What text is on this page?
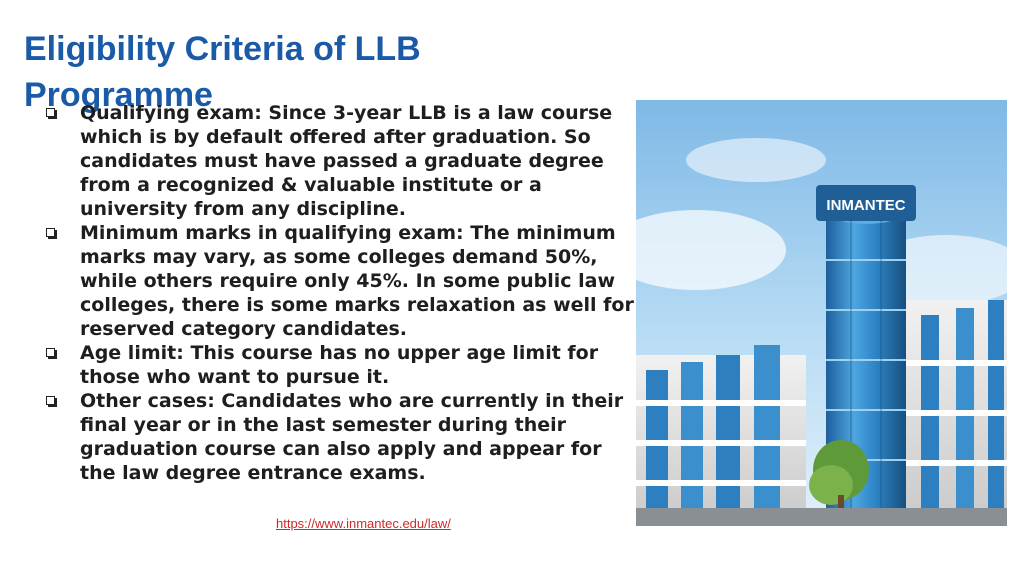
Eligibility Criteria of LLB Programme
Qualifying exam: Since 3-year LLB is a law course which is by default offered after graduation. So candidates must have passed a graduate degree from a recognized & valuable institute or a university from any discipline.
Minimum marks in qualifying exam: The minimum marks may vary, as some colleges demand 50%, while others require only 45%. In some public law colleges, there is some marks relaxation as well for reserved category candidates.
Age limit: This course has no upper age limit for those who want to pursue it.
Other cases: Candidates who are currently in their final year or in the last semester during their graduation course can also apply and appear for the law degree entrance exams.
https://www.inmantec.edu/law/
INMANTEC
